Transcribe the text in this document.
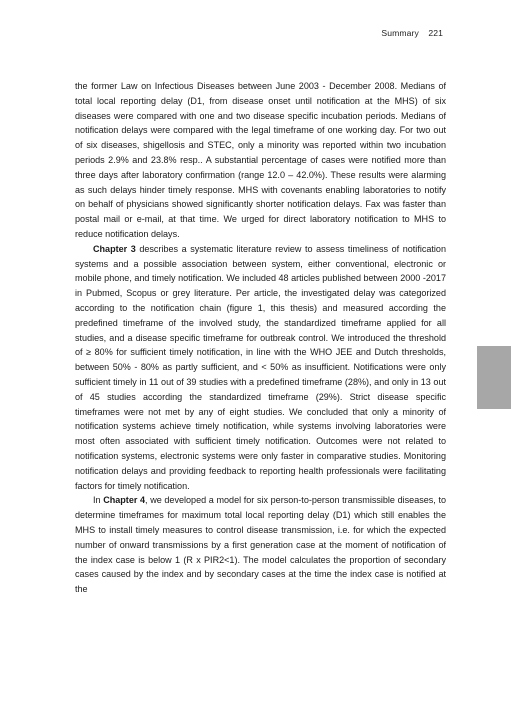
Summary 221

the former Law on Infectious Diseases between June 2003 - December 2008. Medians of total local reporting delay (D1, from disease onset until notification at the MHS) of six diseases were compared with one and two disease specific incubation periods. Medians of notification delays were compared with the legal timeframe of one working day. For two out of six diseases, shigellosis and STEC, only a minority was reported within two incubation periods 2.9% and 23.8% resp.. A substantial percentage of cases were notified more than three days after laboratory confirmation (range 12.0 – 42.0%). These results were alarming as such delays hinder timely response. MHS with covenants enabling laboratories to notify on behalf of physicians showed significantly shorter notification delays. Fax was faster than postal mail or e-mail, at that time. We urged for direct laboratory notification to MHS to reduce notification delays.

Chapter 3 describes a systematic literature review to assess timeliness of notification systems and a possible association between system, either conventional, electronic or mobile phone, and timely notification. We included 48 articles published between 2000 -2017 in Pubmed, Scopus or grey literature. Per article, the investigated delay was categorized according to the notification chain (figure 1, this thesis) and measured according the predefined timeframe of the involved study, the standardized timeframe applied for all studies, and a disease specific timeframe for outbreak control. We introduced the threshold of ≥ 80% for sufficient timely notification, in line with the WHO JEE and Dutch thresholds, between 50% - 80% as partly sufficient, and < 50% as insufficient. Notifications were only sufficient timely in 11 out of 39 studies with a predefined timeframe (28%), and only in 13 out of 45 studies according the standardized timeframe (29%). Strict disease specific timeframes were not met by any of eight studies. We concluded that only a minority of notification systems achieve timely notification, while systems involving laboratories were most often associated with sufficient timely notification. Outcomes were not related to notification systems, electronic systems were only faster in comparative studies. Monitoring notification delays and providing feedback to reporting health professionals were facilitating factors for timely notification.

In Chapter 4, we developed a model for six person-to-person transmissible diseases, to determine timeframes for maximum total local reporting delay (D1) which still enables the MHS to install timely measures to control disease transmission, i.e. for which the expected number of onward transmissions by a first generation case at the moment of notification of the index case is below 1 (R x PIR2<1). The model calculates the proportion of secondary cases caused by the index and by secondary cases at the time the index case is notified at the
